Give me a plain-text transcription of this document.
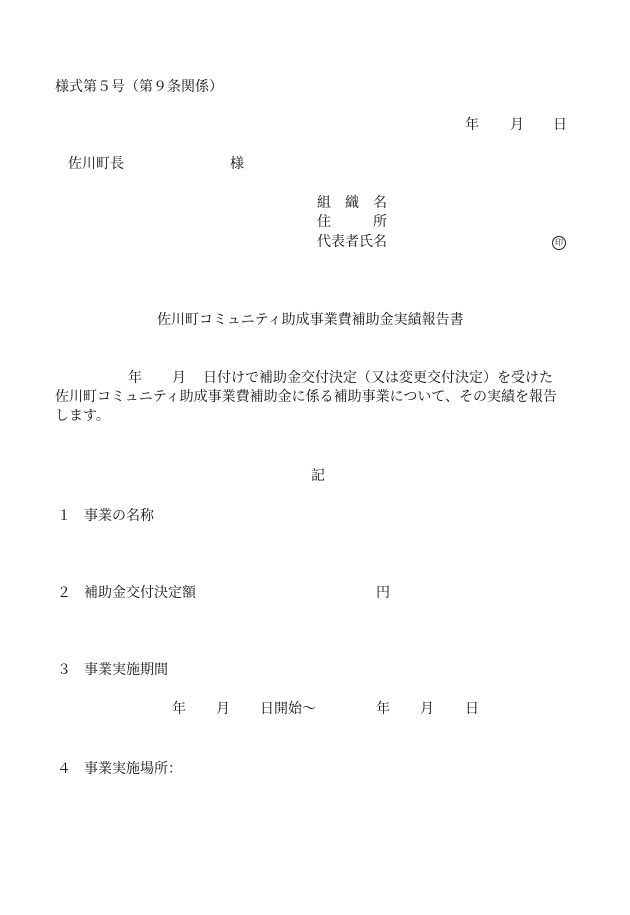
様式第５号（第９条関係）
年 月 日
佐川町長	様
組　織　名
住　　　所
代表者氏名	印
佐川町コミュニティ助成事業費補助金実績報告書
年 月 日付けで補助金交付決定（又は変更交付決定）を受けた
佐川町コミュニティ助成事業費補助金に係る補助事業について、その実績を報告
します。
記
１ 事業の名称
２ 補助金交付決定額	円
３ 事業実施期間
年 月 日開始～	年 月 日
４ 事業実施場所：
